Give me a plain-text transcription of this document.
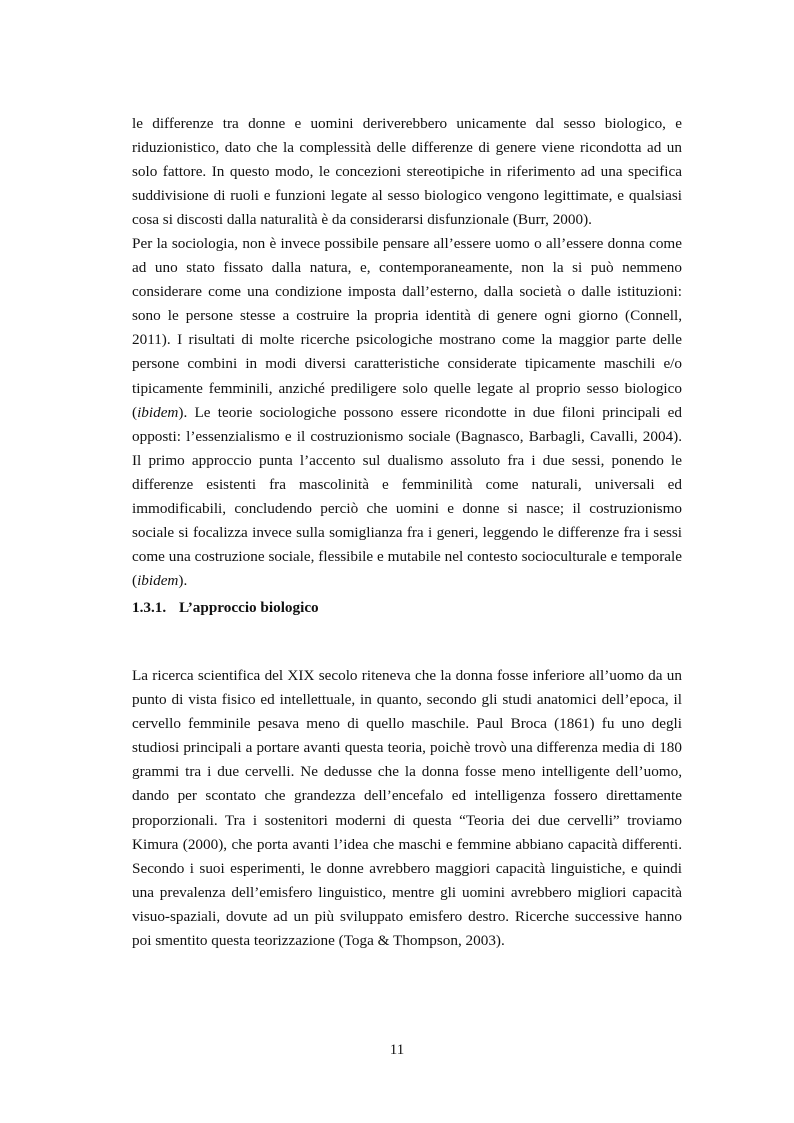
le differenze tra donne e uomini deriverebbero unicamente dal sesso biologico, e riduzionistico, dato che la complessità delle differenze di genere viene ricondotta ad un solo fattore. In questo modo, le concezioni stereotipiche in riferimento ad una specifica suddivisione di ruoli e funzioni legate al sesso biologico vengono legittimate, e qualsiasi cosa si discosti dalla naturalità è da considerarsi disfunzionale (Burr, 2000).

Per la sociologia, non è invece possibile pensare all’essere uomo o all’essere donna come ad uno stato fissato dalla natura, e, contemporaneamente, non la si può nemmeno considerare come una condizione imposta dall’esterno, dalla società o dalle istituzioni: sono le persone stesse a costruire la propria identità di genere ogni giorno (Connell, 2011). I risultati di molte ricerche psicologiche mostrano come la maggior parte delle persone combini in modi diversi caratteristiche considerate tipicamente maschili e/o tipicamente femminili, anziché prediligere solo quelle legate al proprio sesso biologico (ibidem). Le teorie sociologiche possono essere ricondotte in due filoni principali ed opposti: l’essenzialismo e il costruzionismo sociale (Bagnasco, Barbagli, Cavalli, 2004). Il primo approccio punta l’accento sul dualismo assoluto fra i due sessi, ponendo le differenze esistenti fra mascolinità e femminilità come naturali, universali ed immodificabili, concludendo perciò che uomini e donne si nasce; il costruzionismo sociale si focalizza invece sulla somiglianza fra i generi, leggendo le differenze fra i sessi come una costruzione sociale, flessibile e mutabile nel contesto socioculturale e temporale (ibidem).

1.3.1. L’approccio biologico

La ricerca scientifica del XIX secolo riteneva che la donna fosse inferiore all’uomo da un punto di vista fisico ed intellettuale, in quanto, secondo gli studi anatomici dell’epoca, il cervello femminile pesava meno di quello maschile. Paul Broca (1861) fu uno degli studiosi principali a portare avanti questa teoria, poichè trovò una differenza media di 180 grammi tra i due cervelli. Ne dedusse che la donna fosse meno intelligente dell’uomo, dando per scontato che grandezza dell’encefalo ed intelligenza fossero direttamente proporzionali. Tra i sostenitori moderni di questa “Teoria dei due cervelli” troviamo Kimura (2000), che porta avanti l’idea che maschi e femmine abbiano capacità differenti. Secondo i suoi esperimenti, le donne avrebbero maggiori capacità linguistiche, e quindi una prevalenza dell’emisfero linguistico, mentre gli uomini avrebbero migliori capacità visuo-spaziali, dovute ad un più sviluppato emisfero destro. Ricerche successive hanno poi smentito questa teorizzazione (Toga & Thompson, 2003).

11
